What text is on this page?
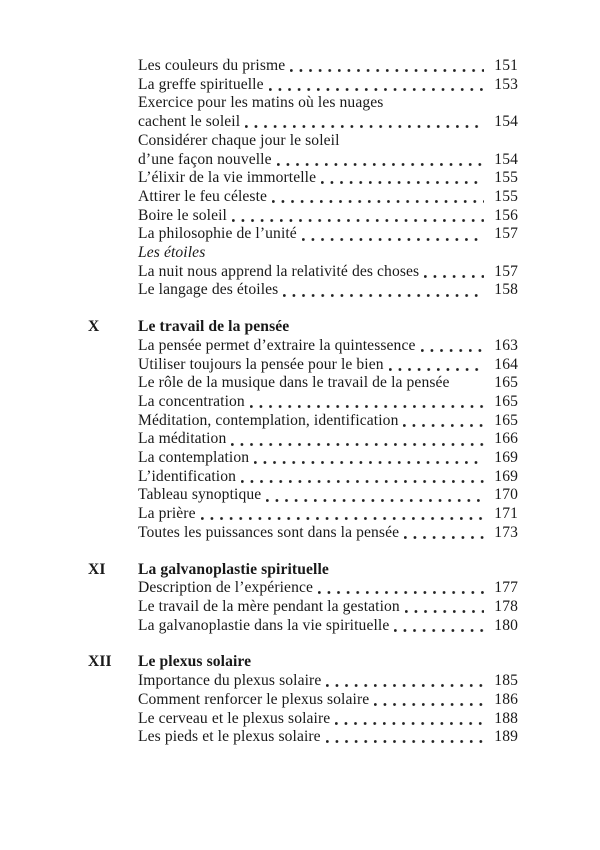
Les couleurs du prisme	151
La greffe spirituelle	153
Exercice pour les matins où les nuages
cachent le soleil	154
Considérer chaque jour le soleil
d’une façon nouvelle	154
L’élixir de la vie immortelle	155
Attirer le feu céleste	155
Boire le soleil	156
La philosophie de l’unité	157
Les étoiles
La nuit nous apprend la relativité des choses	157
Le langage des étoiles	158
X Le travail de la pensée
La pensée permet d’extraire la quintessence	163
Utiliser toujours la pensée pour le bien	164
Le rôle de la musique dans le travail de la pensée	165
La concentration	165
Méditation, contemplation, identification	165
La méditation	166
La contemplation	169
L’identification	169
Tableau synoptique	170
La prière	171
Toutes les puissances sont dans la pensée	173
XI La galvanoplastie spirituelle
Description de l’expérience	177
Le travail de la mère pendant la gestation	178
La galvanoplastie dans la vie spirituelle	180
XII Le plexus solaire
Importance du plexus solaire	185
Comment renforcer le plexus solaire	186
Le cerveau et le plexus solaire	188
Les pieds et le plexus solaire	189
